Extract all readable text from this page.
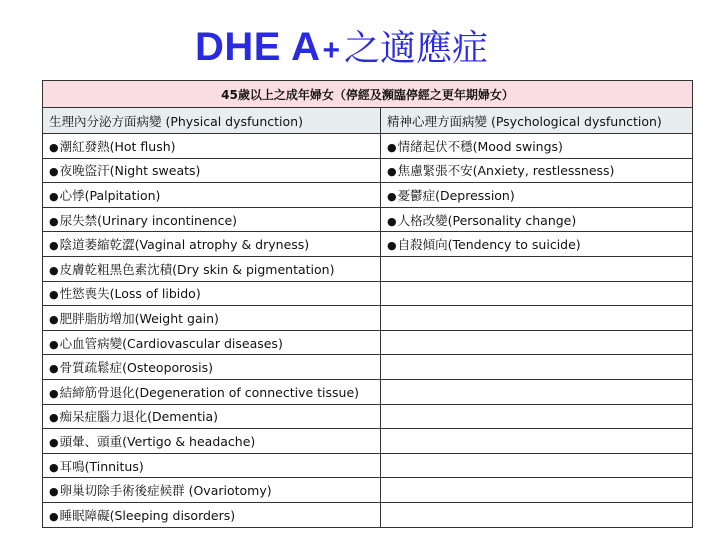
DHE A + 之適應症
45歲以上之成年婦女（停經及瀕臨停經之更年期婦女）	
生理內分泌方面病變 (Physical dysfunction)	精神心理方面病變 (Psychological dysfunction)
● 潮紅發熱(Hot flush)	●情緒起伏不穩(Mood swings)
● 夜晚盜汗(Night sweats)	●焦慮緊張不安(Anxiety, restlessness)
● 心悸(Palpitation)	●憂鬱症(Depression)
● 尿失禁(Urinary incontinence)	●人格改變(Personality change)
● 陰道萎縮乾澀(Vaginal atrophy & dryness)	●自殺傾向(Tendency to suicide)
● 皮膚乾粗黑色素沈積(Dry skin & pigmentation)	
● 性慾喪失(Loss of libido)	
● 肥胖脂肪增加(Weight gain)	
● 心血管病變(Cardiovascular diseases)	
● 骨質疏鬆症(Osteoporosis)	
● 結締筋骨退化(Degeneration of connective tissue)	
● 痴呆症腦力退化(Dementia)	
● 頭暈、頭重(Vertigo & headache)	
● 耳鳴(Tinnitus)	
● 卵巢切除手術後症候群 (Ovariotomy)	
● 睡眠障礙(Sleeping disorders)	
